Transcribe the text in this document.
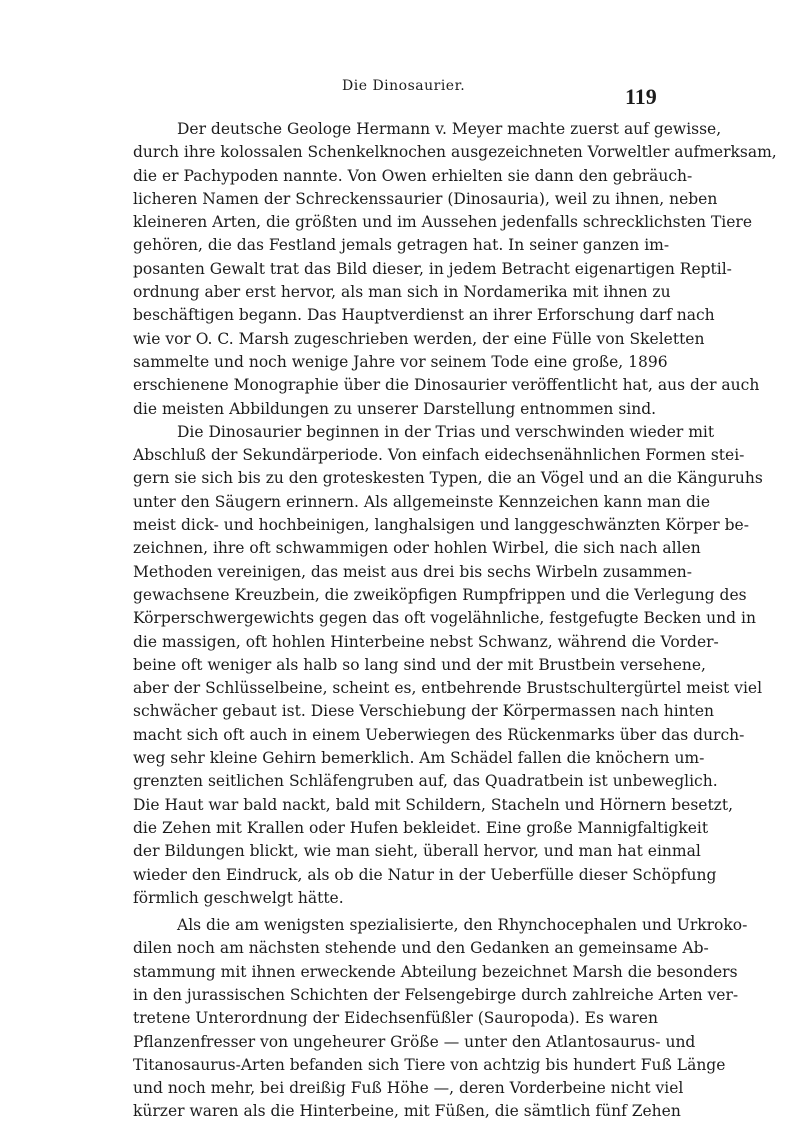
Die Dinosaurier.	119
Der deutsche Geologe Hermann v. Meyer machte zuerst auf gewisse,
durch ihre kolossalen Schenkelknochen ausgezeichneten Vorweltler aufmerksam,
die er Pachypoden nannte. Von Owen erhielten sie dann den gebräuch-
licheren Namen der Schreckenssaurier (Dinosauria), weil zu ihnen, neben
kleineren Arten, die größten und im Aussehen jedenfalls schrecklichsten Tiere
gehören, die das Festland jemals getragen hat. In seiner ganzen im-
posanten Gewalt trat das Bild dieser, in jedem Betracht eigenartigen Reptil-
ordnung aber erst hervor, als man sich in Nordamerika mit ihnen zu
beschäftigen begann. Das Hauptverdienst an ihrer Erforschung darf nach
wie vor O. C. Marsh zugeschrieben werden, der eine Fülle von Skeletten
sammelte und noch wenige Jahre vor seinem Tode eine große, 1896
erschienene Monographie über die Dinosaurier veröffentlicht hat, aus der auch
die meisten Abbildungen zu unserer Darstellung entnommen sind.
Die Dinosaurier beginnen in der Trias und verschwinden wieder mit
Abschluß der Sekundärperiode. Von einfach eidechsenähnlichen Formen stei-
gern sie sich bis zu den groteskesten Typen, die an Vögel und an die Känguruhs
unter den Säugern erinnern. Als allgemeinste Kennzeichen kann man die
meist dick- und hochbeinigen, langhalsigen und langgeschwänzten Körper be-
zeichnen, ihre oft schwammigen oder hohlen Wirbel, die sich nach allen
Methoden vereinigen, das meist aus drei bis sechs Wirbeln zusammen-
gewachsene Kreuzbein, die zweiköpfigen Rumpfrippen und die Verlegung des
Körperschwergewichts gegen das oft vogelähnliche, festgefugte Becken und in
die massigen, oft hohlen Hinterbeine nebst Schwanz, während die Vorder-
beine oft weniger als halb so lang sind und der mit Brustbein versehene,
aber der Schlüsselbeine, scheint es, entbehrende Brustschultergürtel meist viel
schwächer gebaut ist. Diese Verschiebung der Körpermassen nach hinten
macht sich oft auch in einem Ueberwiegen des Rückenmarks über das durch-
weg sehr kleine Gehirn bemerklich. Am Schädel fallen die knöchern um-
grenzten seitlichen Schläfengruben auf, das Quadratbein ist unbeweglich.
Die Haut war bald nackt, bald mit Schildern, Stacheln und Hörnern besetzt,
die Zehen mit Krallen oder Hufen bekleidet. Eine große Mannigfaltigkeit
der Bildungen blickt, wie man sieht, überall hervor, und man hat einmal
wieder den Eindruck, als ob die Natur in der Ueberfülle dieser Schöpfung
förmlich geschwelgt hätte.
Als die am wenigsten spezialisierte, den Rhynchocephalen und Urkroko-
dilen noch am nächsten stehende und den Gedanken an gemeinsame Ab-
stammung mit ihnen erweckende Abteilung bezeichnet Marsh die besonders
in den jurassischen Schichten der Felsengebirge durch zahlreiche Arten ver-
tretene Unterordnung der Eidechsenfüßler (Sauropoda). Es waren
Pflanzenfresser von ungeheurer Größe — unter den Atlantosaurus- und
Titanosaurus-Arten befanden sich Tiere von achtzig bis hundert Fuß Länge
und noch mehr, bei dreißig Fuß Höhe —, deren Vorderbeine nicht viel
kürzer waren als die Hinterbeine, mit Füßen, die sämtlich fünf Zehen
